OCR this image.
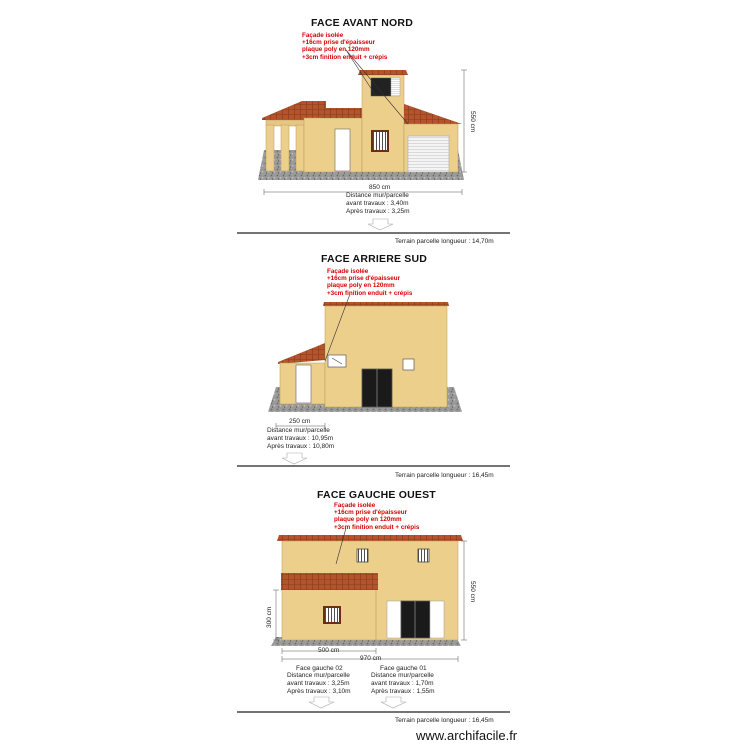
FACE AVANT NORD
Façade isolée
+16cm prise d'épaisseur
plaque poly en 120mm
+3cm finition enduit + crépis
850 cm
550 cm
Distance mur/parcelle
avant travaux : 3,40m
Après travaux : 3,25m
Terrain parcelle longueur : 14,70m
FACE ARRIERE SUD
Façade isolée
+16cm prise d'épaisseur
plaque poly en 120mm
+3cm finition enduit + crépis
250 cm
Distance mur/parcelle
avant travaux : 10,95m
Après travaux : 10,80m
Terrain parcelle longueur : 16,45m
FACE GAUCHE OUEST
Façade isolée
+16cm prise d'épaisseur
plaque poly en 120mm
+3cm finition enduit + crépis
500 cm
970 cm
550 cm
300 cm
Face gauche 02
Distance mur/parcelle
avant travaux : 3,25m
Après travaux : 3,10m
Face gauche 01
Distance mur/parcelle
avant travaux : 1,70m
Après travaux : 1,55m
Terrain parcelle longueur : 16,45m
www.archifacile.fr
